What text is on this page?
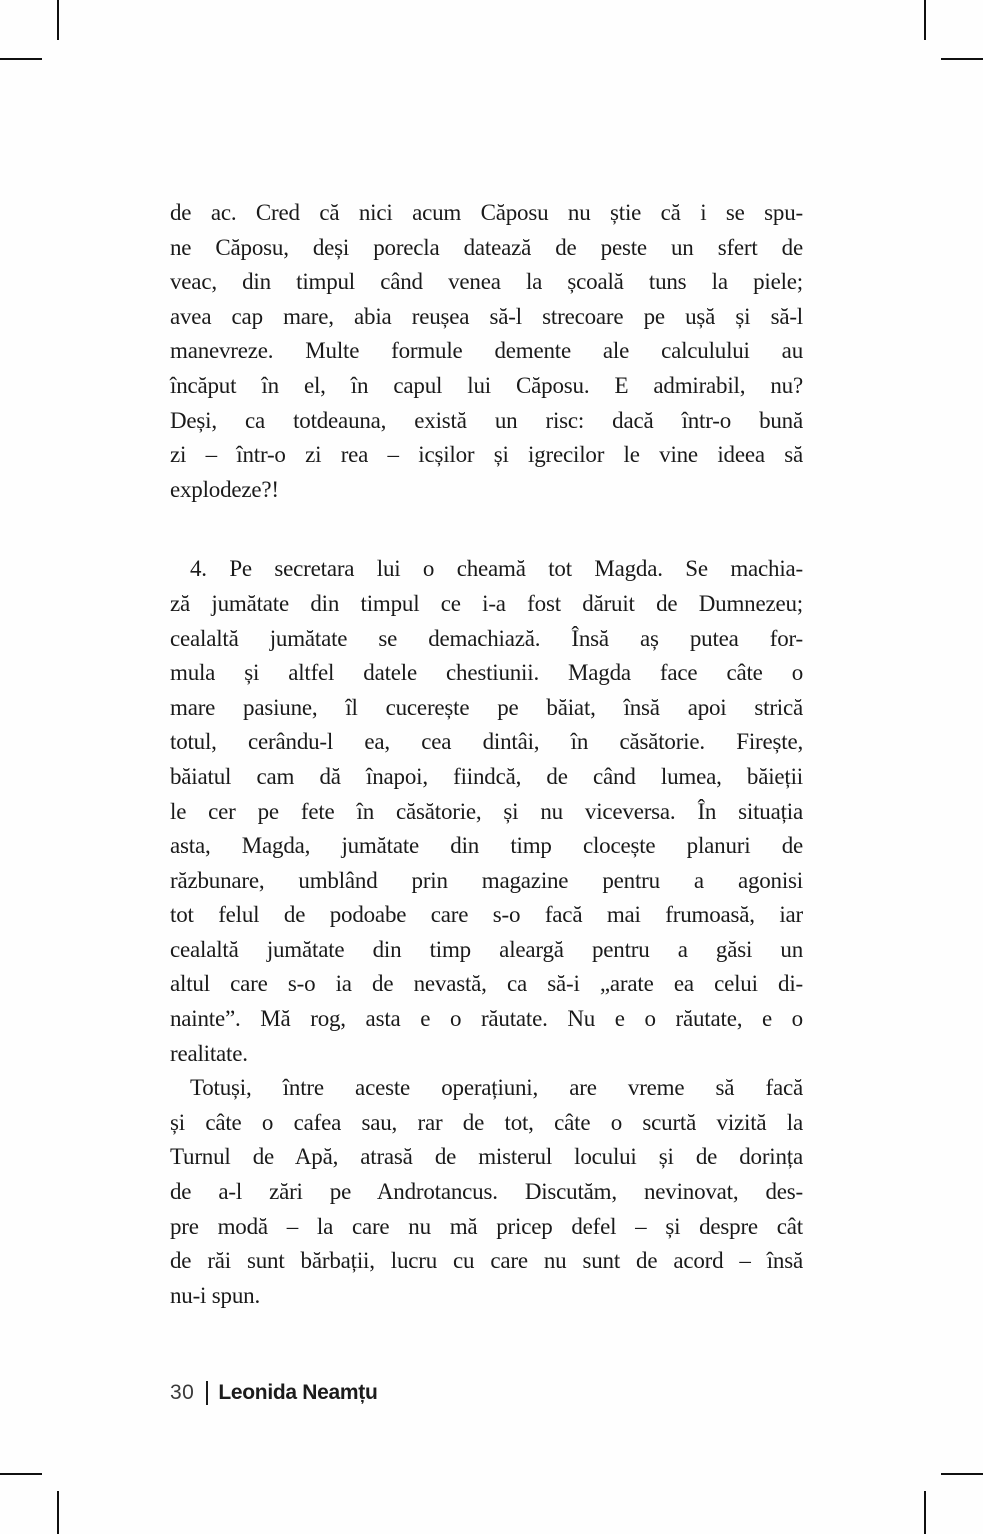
de ac. Cred că nici acum Căposu nu știe că i se spu-
ne Căposu, deși porecla datează de peste un sfert de
veac, din timpul când venea la școală tuns la piele;
avea cap mare, abia reușea să-l strecoare pe ușă și să-l
manevreze. Multe formule demente ale calculului au
încăput în el, în capul lui Căposu. E admirabil, nu?
Deși, ca totdeauna, există un risc: dacă într-o bună
zi – într-o zi rea – icșilor și igrecilor le vine ideea să
explodeze?!
4. Pe secretara lui o cheamă tot Magda. Se machia-
ză jumătate din timpul ce i-a fost dăruit de Dumnezeu;
cealaltă jumătate se demachiază. Însă aș putea for-
mula și altfel datele chestiunii. Magda face câte o
mare pasiune, îl cucerește pe băiat, însă apoi strică
totul, cerându-l ea, cea dintâi, în căsătorie. Firește,
băiatul cam dă înapoi, fiindcă, de când lumea, băieții
le cer pe fete în căsătorie, și nu viceversa. În situația
asta, Magda, jumătate din timp clocește planuri de
răzbunare, umblând prin magazine pentru a agonisi
tot felul de podoabe care s-o facă mai frumoasă, iar
cealaltă jumătate din timp aleargă pentru a găsi un
altul care s-o ia de nevastă, ca să-i „arate ea celui di-
nainte”. Mă rog, asta e o răutate. Nu e o răutate, e o
realitate.
Totuși, între aceste operațiuni, are vreme să facă
și câte o cafea sau, rar de tot, câte o scurtă vizită la
Turnul de Apă, atrasă de misterul locului și de dorința
de a-l zări pe Androtancus. Discutăm, nevinovat, des-
pre modă – la care nu mă pricep defel – și despre cât
de răi sunt bărbații, lucru cu care nu sunt de acord – însă
nu-i spun.
30 Leonida Neamțu
